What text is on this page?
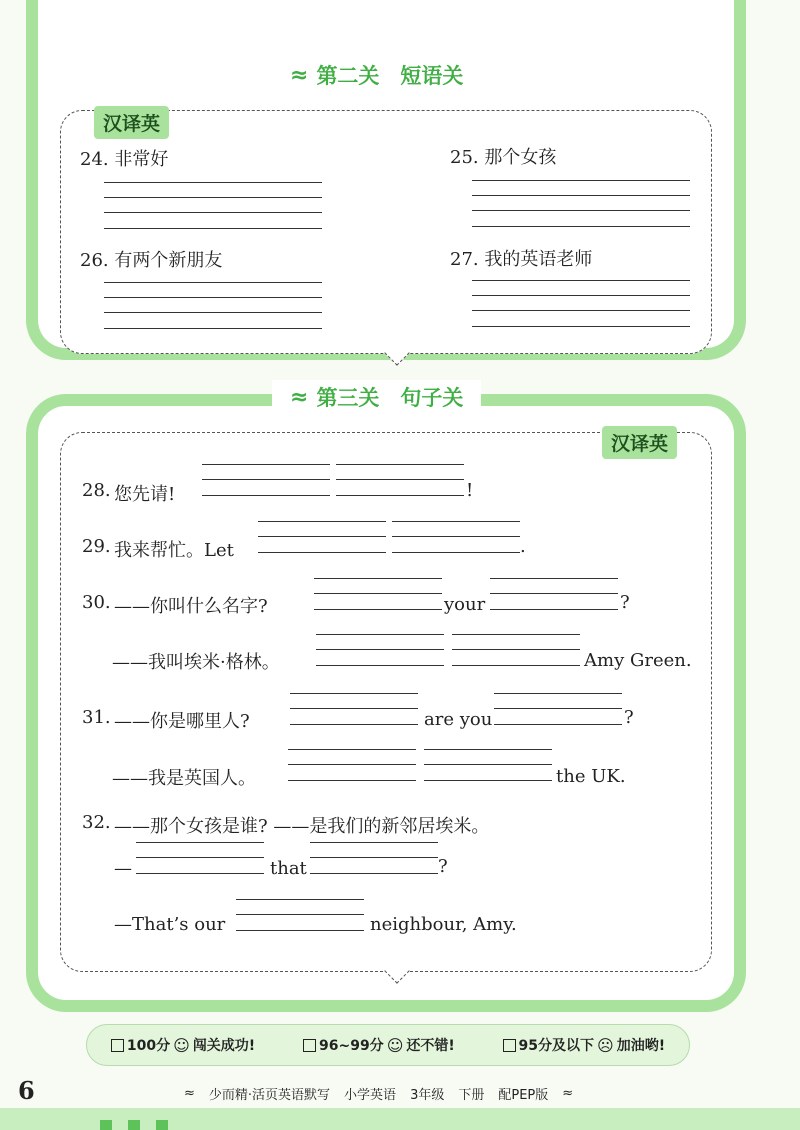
≈ 第二关　短语关
汉译英
24. 非常好	25. 那个女孩
26. 有两个新朋友	27. 我的英语老师
≈ 第三关　句子关
汉译英
28. 您先请!	!
29. 我来帮忙。Let	.
30. ——你叫什么名字?	your	?
——我叫埃米·格林。	Amy Green.
31. ——你是哪里人?	are you	?
——我是英国人。	the UK.
32. ——那个女孩是谁? ——是我们的新邻居埃米。
—	that	?
—That’s our	neighbour, Amy.
100分 ☺ 闯关成功!	96~99分 ☺ 还不错!	95分及以下 ☹ 加油哟!
6	≈ 少而精·活页英语默写 小学英语 3年级 下册 配PEP版 ≈
